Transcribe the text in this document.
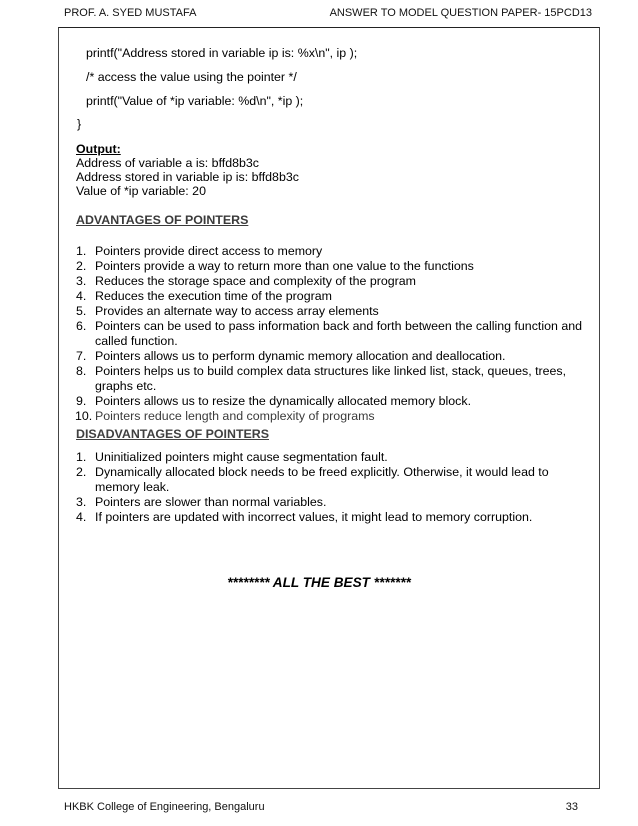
PROF. A. SYED MUSTAFA	ANSWER TO MODEL QUESTION PAPER- 15PCD13
printf("Address stored in variable ip is: %x\n", ip );
/* access the value using the pointer */
printf("Value of *ip variable: %d\n", *ip );
}
Output:
Address of variable a is: bffd8b3c
Address stored in variable ip is: bffd8b3c
Value of *ip variable: 20
ADVANTAGES OF POINTERS
1. Pointers provide direct access to memory
2. Pointers provide a way to return more than one value to the functions
3. Reduces the storage space and complexity of the program
4. Reduces the execution time of the program
5. Provides an alternate way to access array elements
6. Pointers can be used to pass information back and forth between the calling function and called function.
7. Pointers allows us to perform dynamic memory allocation and deallocation.
8. Pointers helps us to build complex data structures like linked list, stack, queues, trees, graphs etc.
9. Pointers allows us to resize the dynamically allocated memory block.
10. Pointers reduce length and complexity of programs
DISADVANTAGES OF POINTERS
1. Uninitialized pointers might cause segmentation fault.
2. Dynamically allocated block needs to be freed explicitly. Otherwise, it would lead to memory leak.
3. Pointers are slower than normal variables.
4. If pointers are updated with incorrect values, it might lead to memory corruption.
******** ALL THE BEST *******
HKBK College of Engineering, Bengaluru	33
